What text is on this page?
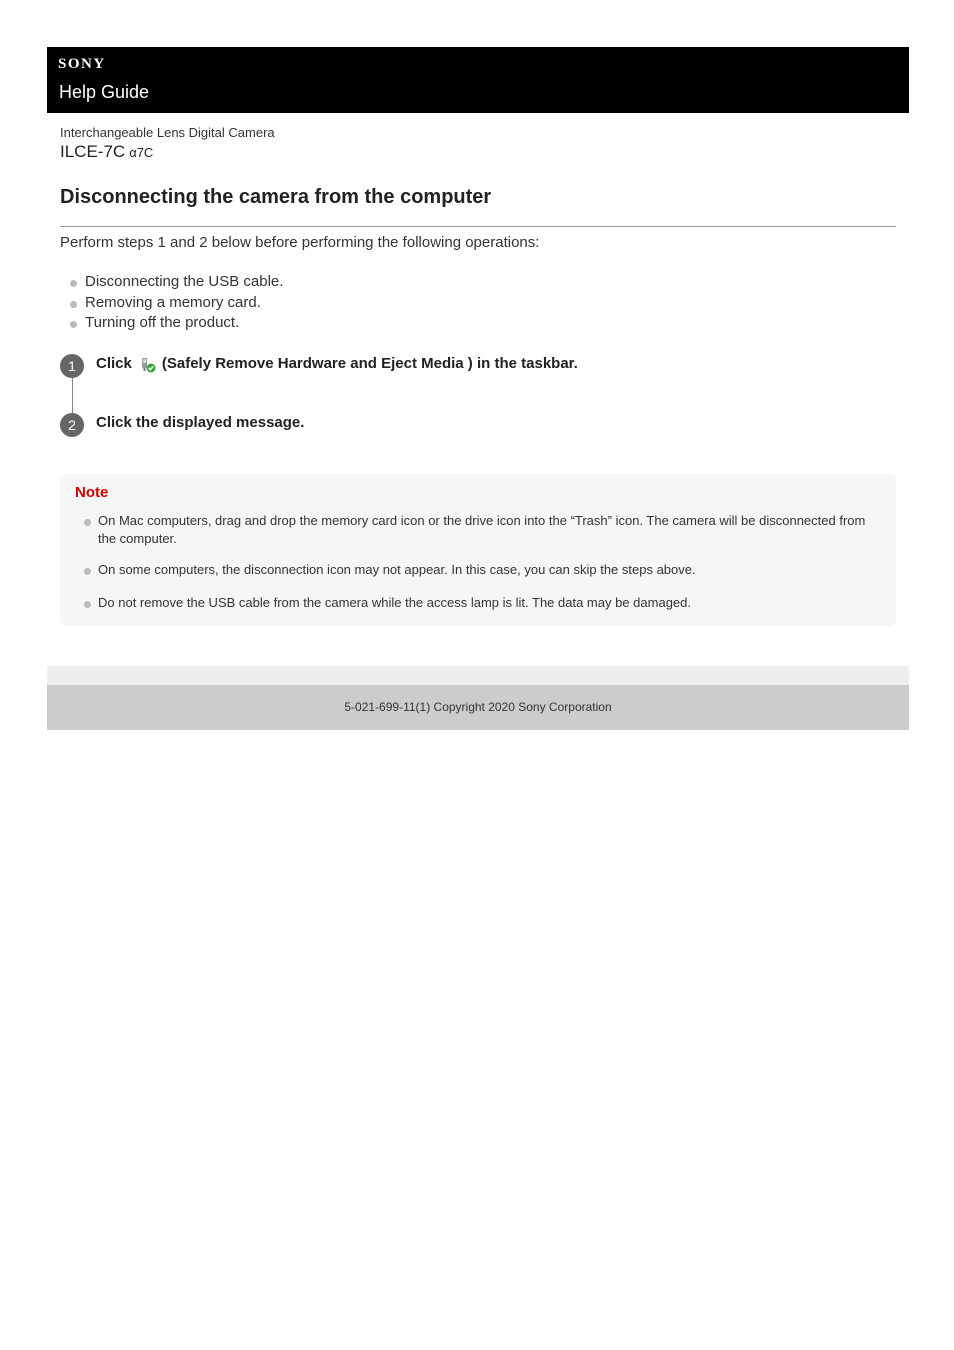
SONY
Help Guide
Interchangeable Lens Digital Camera
ILCE-7C α7C
Disconnecting the camera from the computer
Perform steps 1 and 2 below before performing the following operations:
Disconnecting the USB cable.
Removing a memory card.
Turning off the product.
1	Click (Safely Remove Hardware and Eject Media ) in the taskbar.
2	Click the displayed message.
Note
On Mac computers, drag and drop the memory card icon or the drive icon into the “Trash” icon. The camera will be disconnected from the computer.
On some computers, the disconnection icon may not appear. In this case, you can skip the steps above.
Do not remove the USB cable from the camera while the access lamp is lit. The data may be damaged.
5-021-699-11(1) Copyright 2020 Sony Corporation
